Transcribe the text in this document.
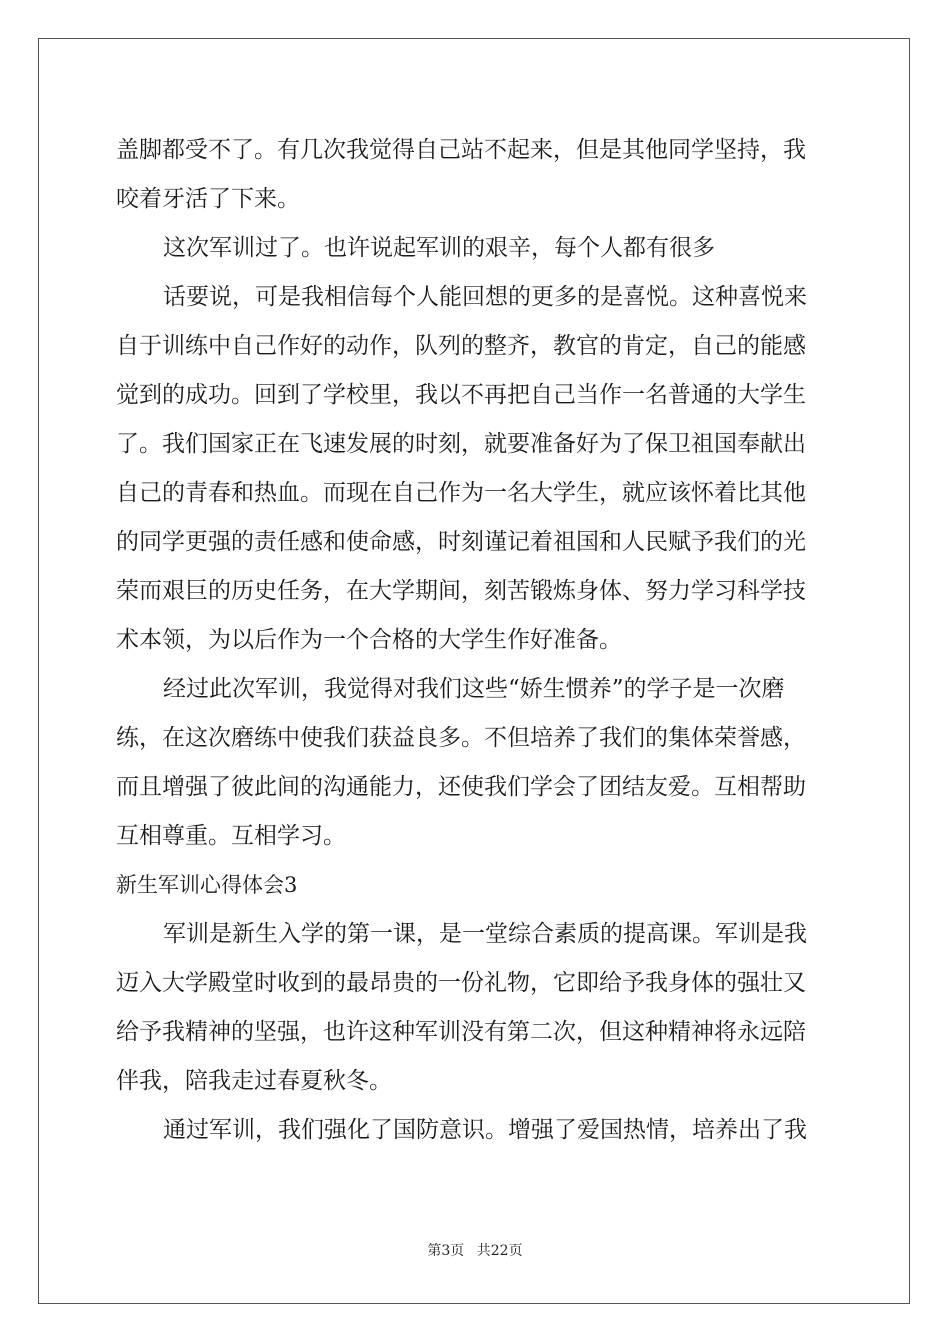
盖脚都受不了。有几次我觉得自己站不起来，但是其他同学坚持，我
咬着牙活了下来。
这次军训过了。也许说起军训的艰辛，每个人都有很多
话要说，可是我相信每个人能回想的更多的是喜悦。这种喜悦来
自于训练中自己作好的动作，队列的整齐，教官的肯定，自己的能感
觉到的成功。回到了学校里，我以不再把自己当作一名普通的大学生
了。我们国家正在飞速发展的时刻，就要准备好为了保卫祖国奉献出
自己的青春和热血。而现在自己作为一名大学生，就应该怀着比其他
的同学更强的责任感和使命感，时刻谨记着祖国和人民赋予我们的光
荣而艰巨的历史任务，在大学期间，刻苦锻炼身体、努力学习科学技
术本领，为以后作为一个合格的大学生作好准备。
经过此次军训，我觉得对我们这些“娇生惯养”的学子是一次磨
练，在这次磨练中使我们获益良多。不但培养了我们的集体荣誉感，
而且增强了彼此间的沟通能力，还使我们学会了团结友爱。互相帮助
互相尊重。互相学习。
新生军训心得体会3
军训是新生入学的第一课，是一堂综合素质的提高课。军训是我
迈入大学殿堂时收到的最昂贵的一份礼物，它即给予我身体的强壮又
给予我精神的坚强，也许这种军训没有第二次，但这种精神将永远陪
伴我，陪我走过春夏秋冬。
通过军训，我们强化了国防意识。增强了爱国热情，培养出了我
第3页 共22页
